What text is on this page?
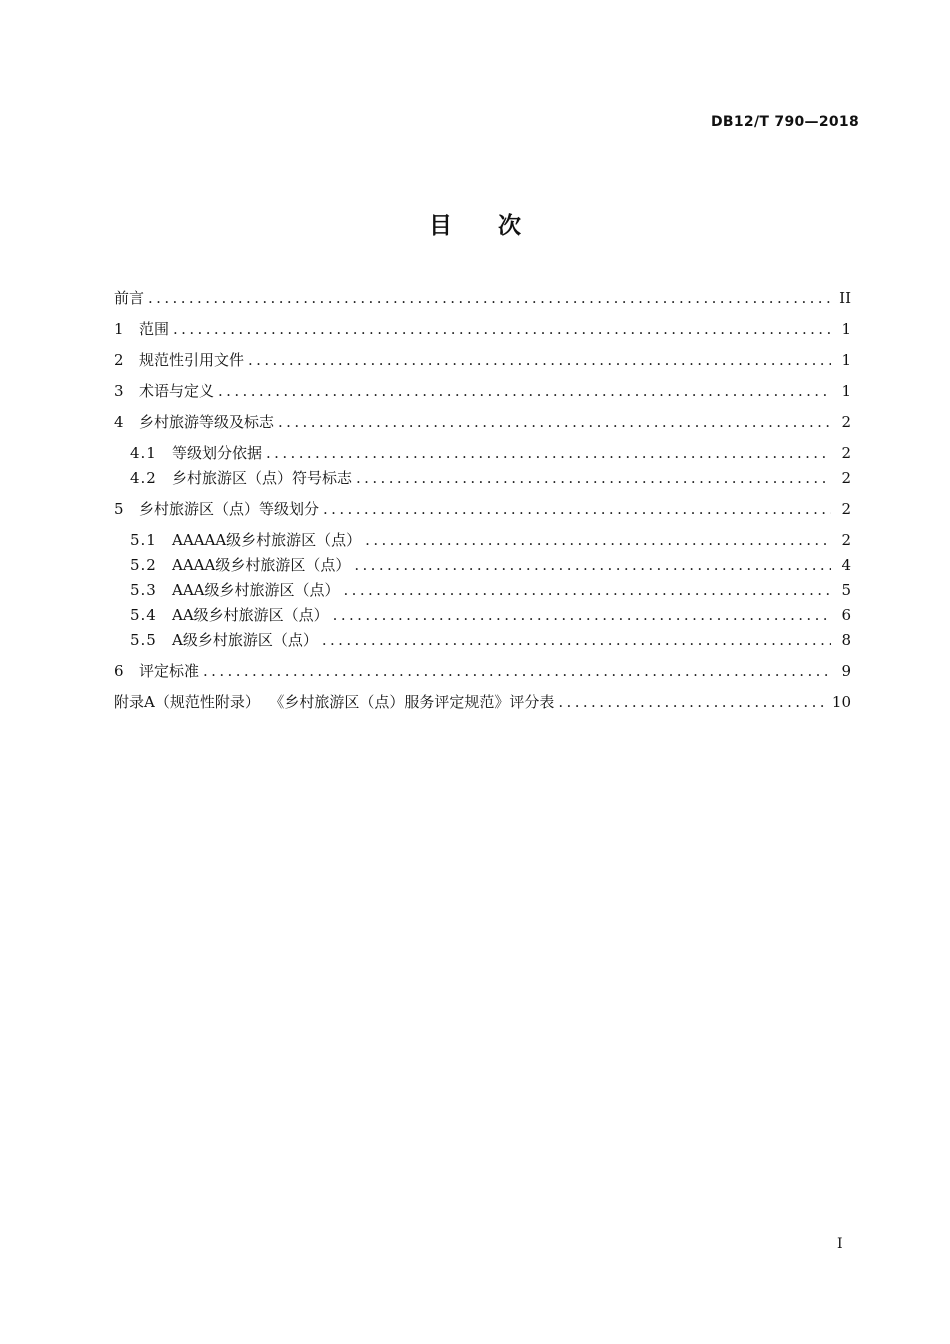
DB12/T 790—2018
目次
前言 .....	II
1	范围 .....	1
2	规范性引用文件 .....	1
3	术语与定义 .....	1
4	乡村旅游等级及标志 .....	2
4.1	等级划分依据 .....	2
4.2	乡村旅游区（点）符号标志 .....	2
5	乡村旅游区（点）等级划分 .....	2
5.1	AAAAA级乡村旅游区（点） .....	2
5.2	AAAA级乡村旅游区（点） .....	4
5.3	AAA级乡村旅游区（点） .....	5
5.4	AA级乡村旅游区（点） .....	6
5.5	A级乡村旅游区（点） .....	8
6	评定标准 .....	9
附录A（规范性附录）  《乡村旅游区（点）服务评定规范》评分表 .....	10
I
